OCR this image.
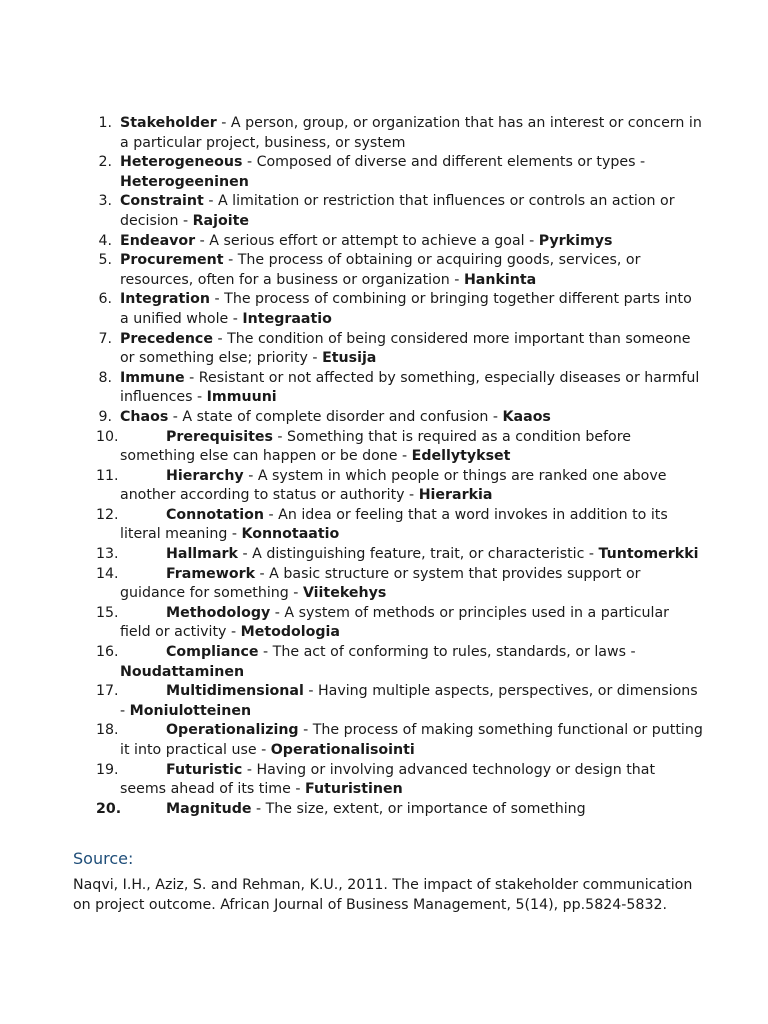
1. Stakeholder - A person, group, or organization that has an interest or concern in a particular project, business, or system
2. Heterogeneous - Composed of diverse and different elements or types - Heterogeeninen
3. Constraint - A limitation or restriction that influences or controls an action or decision - Rajoite
4. Endeavor - A serious effort or attempt to achieve a goal - Pyrkimys
5. Procurement - The process of obtaining or acquiring goods, services, or resources, often for a business or organization - Hankinta
6. Integration - The process of combining or bringing together different parts into a unified whole - Integraatio
7. Precedence - The condition of being considered more important than someone or something else; priority - Etusija
8. Immune - Resistant or not affected by something, especially diseases or harmful influences - Immuuni
9. Chaos - A state of complete disorder and confusion - Kaaos
10.	Prerequisites - Something that is required as a condition before something else can happen or be done - Edellytykset
11.	Hierarchy - A system in which people or things are ranked one above another according to status or authority - Hierarkia
12.	Connotation - An idea or feeling that a word invokes in addition to its literal meaning - Konnotaatio
13.	Hallmark - A distinguishing feature, trait, or characteristic - Tuntomerkki
14.	Framework - A basic structure or system that provides support or guidance for something - Viitekehys
15.	Methodology - A system of methods or principles used in a particular field or activity - Metodologia
16.	Compliance - The act of conforming to rules, standards, or laws - Noudattaminen
17.	Multidimensional - Having multiple aspects, perspectives, or dimensions - Moniulotteinen
18.	Operationalizing - The process of making something functional or putting it into practical use - Operationalisointi
19.	Futuristic - Having or involving advanced technology or design that seems ahead of its time - Futuristinen
20.	Magnitude - The size, extent, or importance of something
Source:
Naqvi, I.H., Aziz, S. and Rehman, K.U., 2011. The impact of stakeholder communication on project outcome. African Journal of Business Management, 5(14), pp.5824-5832.
